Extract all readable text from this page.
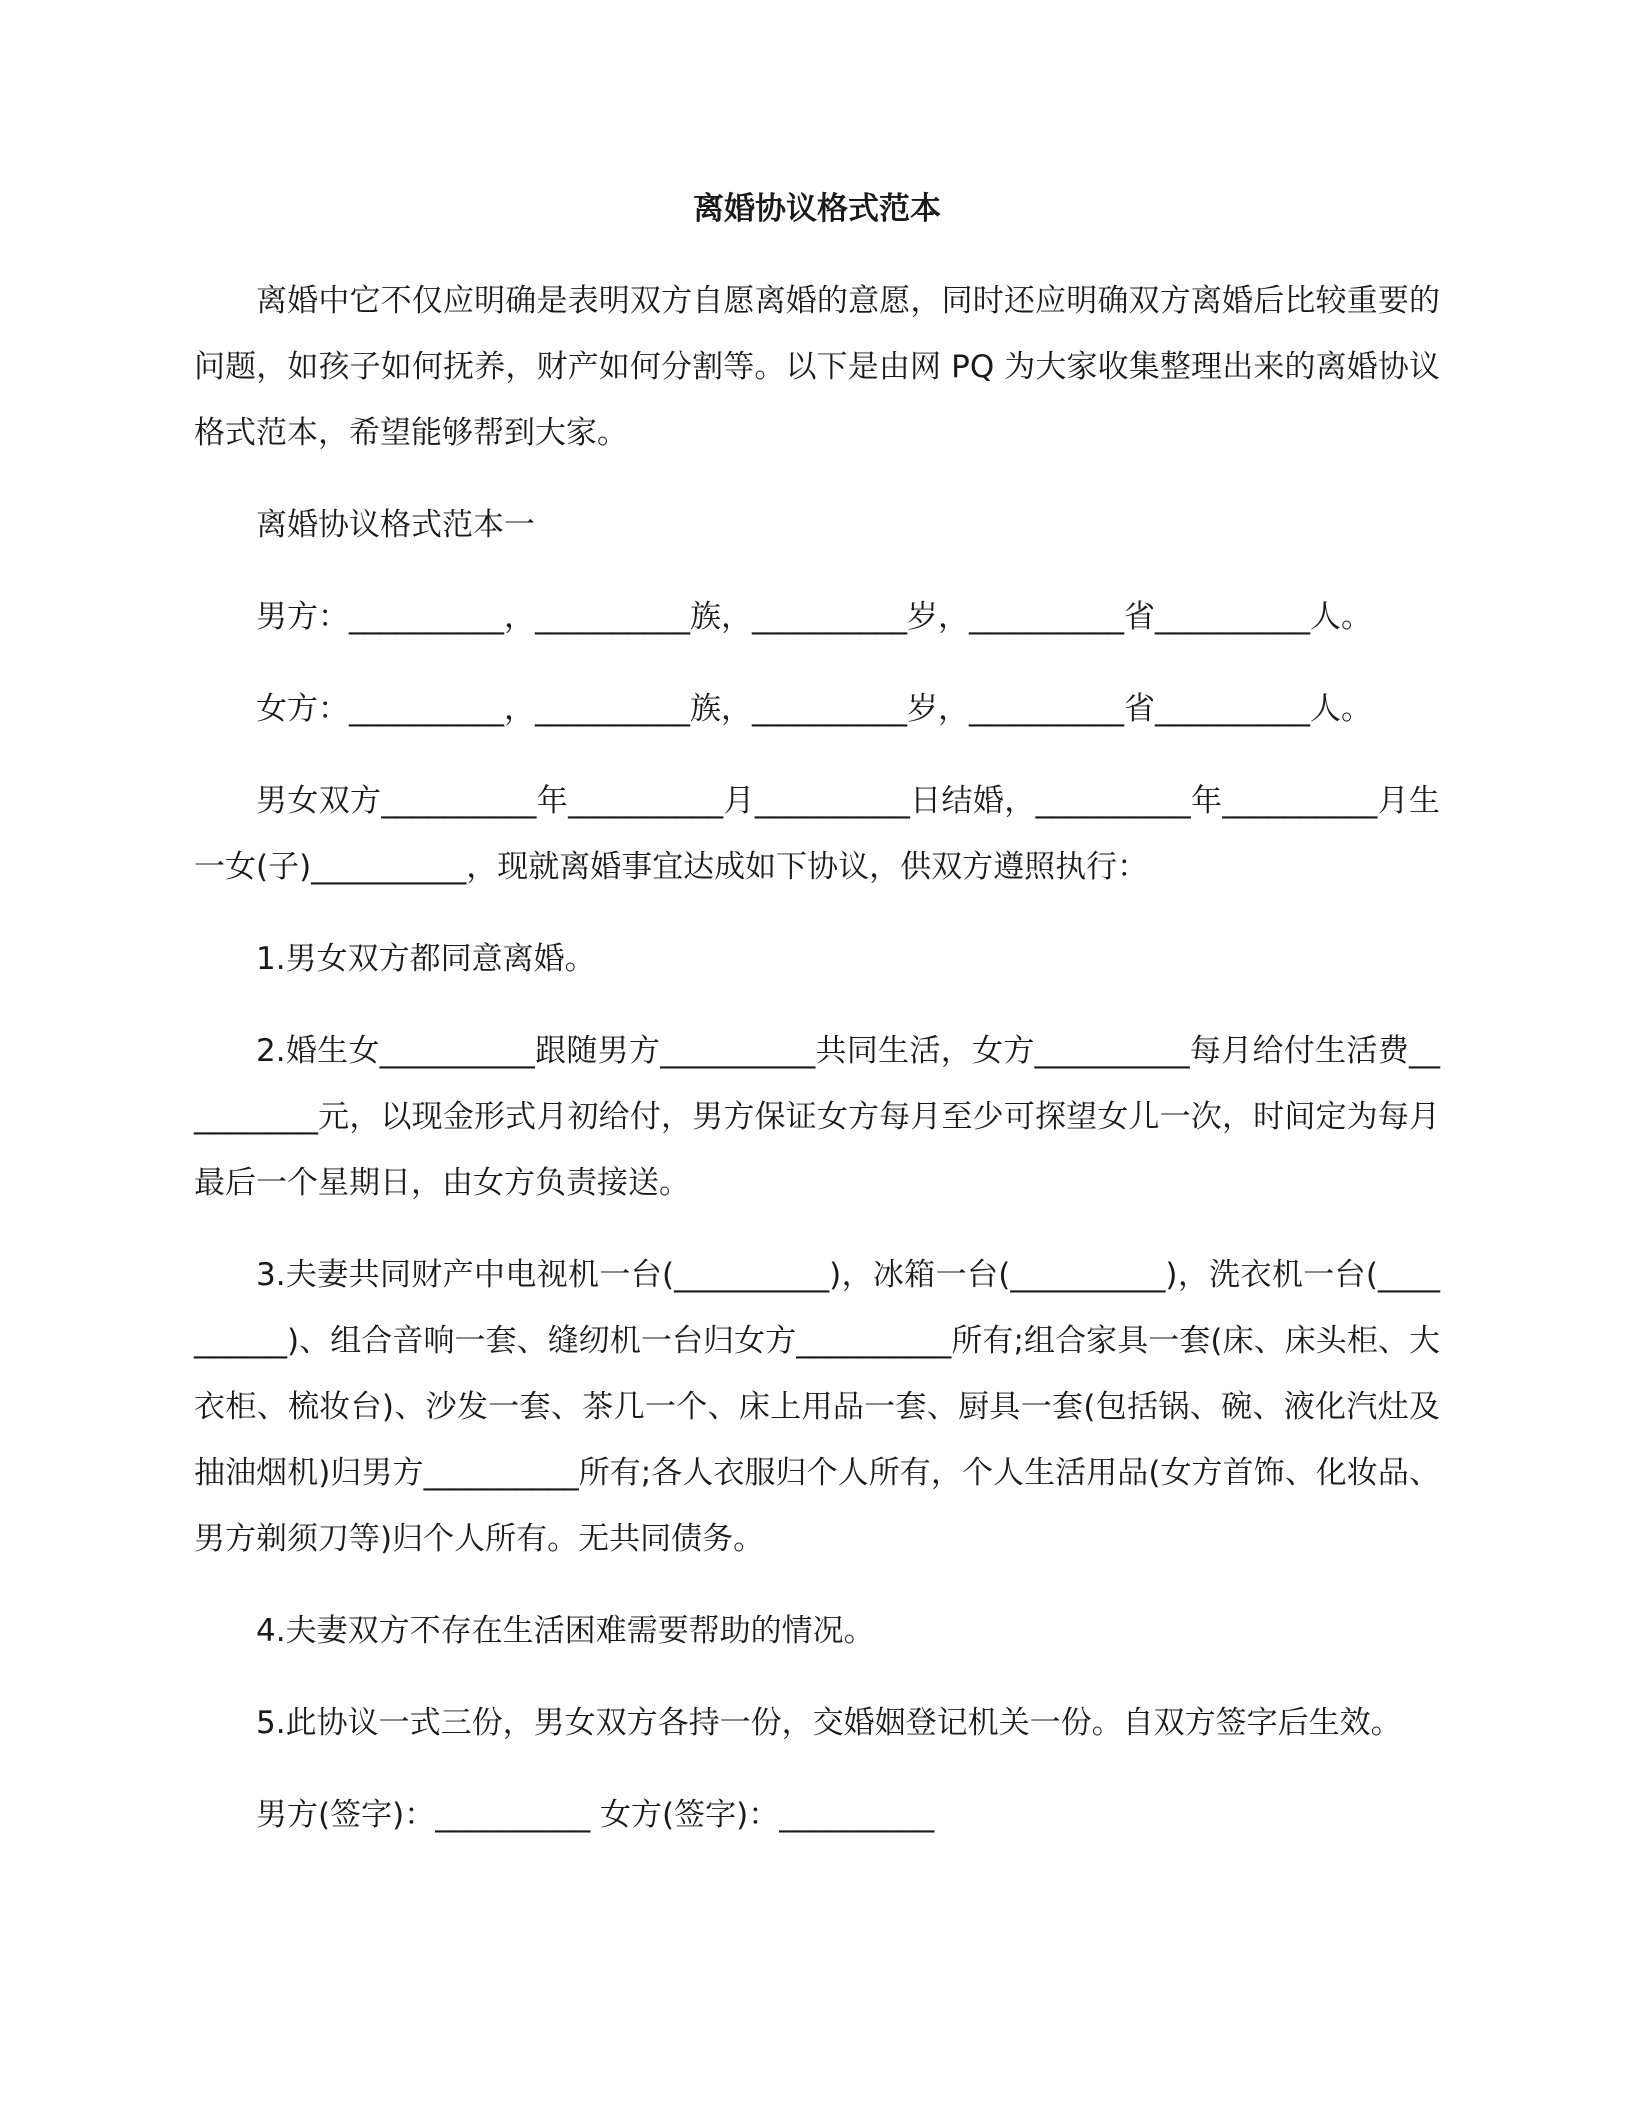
离婚协议格式范本

离婚中它不仅应明确是表明双方自愿离婚的意愿，同时还应明确双方离婚后比较重要的问题，如孩子如何抚养，财产如何分割等。以下是由网 PQ 为大家收集整理出来的离婚协议格式范本，希望能够帮到大家。

离婚协议格式范本一

男方：__________，__________族，__________岁，__________省__________人。

女方：__________，__________族，__________岁，__________省__________人。

男女双方__________年__________月__________日结婚，__________年__________月生一女(子)__________，现就离婚事宜达成如下协议，供双方遵照执行：

1.男女双方都同意离婚。

2.婚生女__________跟随男方__________共同生活，女方__________每月给付生活费__________元，以现金形式月初给付，男方保证女方每月至少可探望女儿一次，时间定为每月最后一个星期日，由女方负责接送。

3.夫妻共同财产中电视机一台(__________)，冰箱一台(__________)，洗衣机一台(__________)、组合音响一套、缝纫机一台归女方__________所有;组合家具一套(床、床头柜、大衣柜、梳妆台)、沙发一套、茶几一个、床上用品一套、厨具一套(包括锅、碗、液化汽灶及抽油烟机)归男方__________所有;各人衣服归个人所有，个人生活用品(女方首饰、化妆品、男方剃须刀等)归个人所有。无共同债务。

4.夫妻双方不存在生活困难需要帮助的情况。

5.此协议一式三份，男女双方各持一份，交婚姻登记机关一份。自双方签字后生效。

男方(签字)：__________ 女方(签字)：__________
